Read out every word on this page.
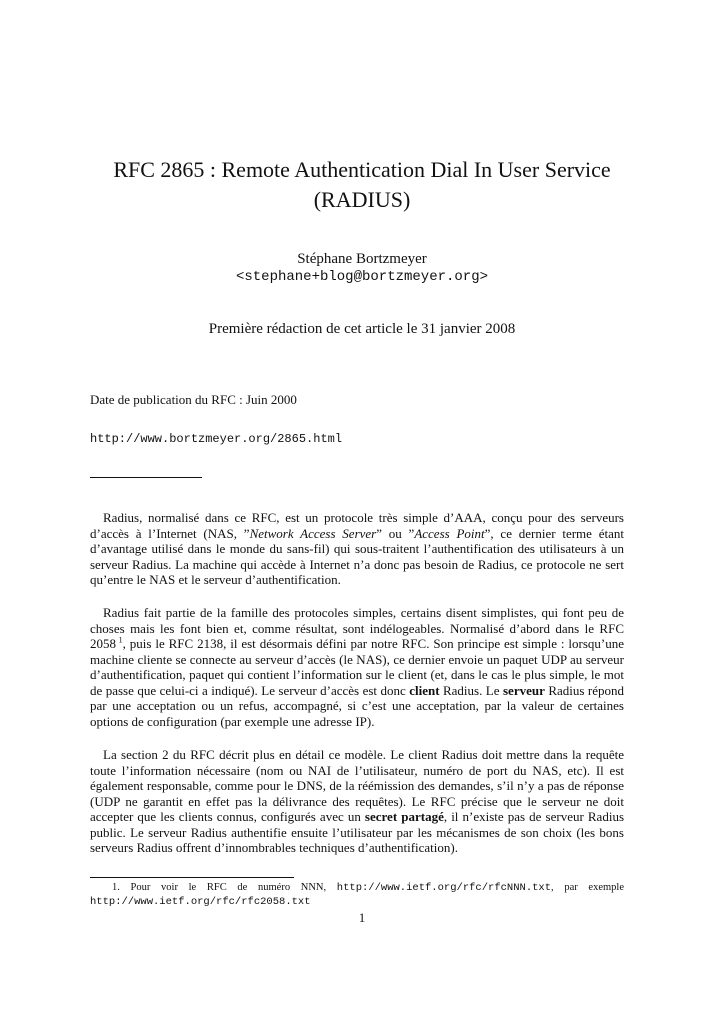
RFC 2865 : Remote Authentication Dial In User Service
(RADIUS)
Stéphane Bortzmeyer
<stephane+blog@bortzmeyer.org>
Première rédaction de cet article le 31 janvier 2008
Date de publication du RFC : Juin 2000
http://www.bortzmeyer.org/2865.html
 Radius, normalisé dans ce RFC, est un protocole très simple d’AAA, conçu pour des serveurs d’accès à l’Internet (NAS, ”Network Access Server” ou ”Access Point”, ce dernier terme étant d’avantage utilisé dans le monde du sans-fil) qui sous-traitent l’authentification des utilisateurs à un serveur Radius. La machine qui accède à Internet n’a donc pas besoin de Radius, ce protocole ne sert qu’entre le NAS et le serveur d’authentification.
 Radius fait partie de la famille des protocoles simples, certains disent simplistes, qui font peu de choses mais les font bien et, comme résultat, sont indélogeables. Normalisé d’abord dans le RFC 2058  $^1$, puis le RFC 2138, il est désormais défini par notre RFC. Son principe est simple : lorsqu’une machine cliente se connecte au serveur d’accès (le NAS), ce dernier envoie un paquet UDP au serveur d’authentification, paquet qui contient l’information sur le client (et, dans le cas le plus simple, le mot de passe que celui-ci a indiqué). Le serveur d’accès est donc client Radius. Le serveur Radius répond par une acceptation ou un refus, accompagné, si c’est une acceptation, par la valeur de certaines options de configuration (par exemple une adresse IP).
 La section 2 du RFC décrit plus en détail ce modèle. Le client Radius doit mettre dans la requête toute l’information nécessaire (nom ou NAI de l’utilisateur, numéro de port du NAS, etc). Il est également responsable, comme pour le DNS, de la réémission des demandes, s’il n’y a pas de réponse (UDP ne garantit en effet pas la délivrance des requêtes). Le RFC précise que le serveur ne doit accepter que les clients connus, configurés avec un secret partagé, il n’existe pas de serveur Radius public. Le serveur Radius authentifie ensuite l’utilisateur par les mécanismes de son choix (les bons serveurs Radius offrent d’innombrables techniques d’authentification).
1. Pour voir le RFC de numéro NNN, http://www.ietf.org/rfc/rfcNNN.txt, par exemple http://www.ietf.org/rfc/rfc2058.txt
1
